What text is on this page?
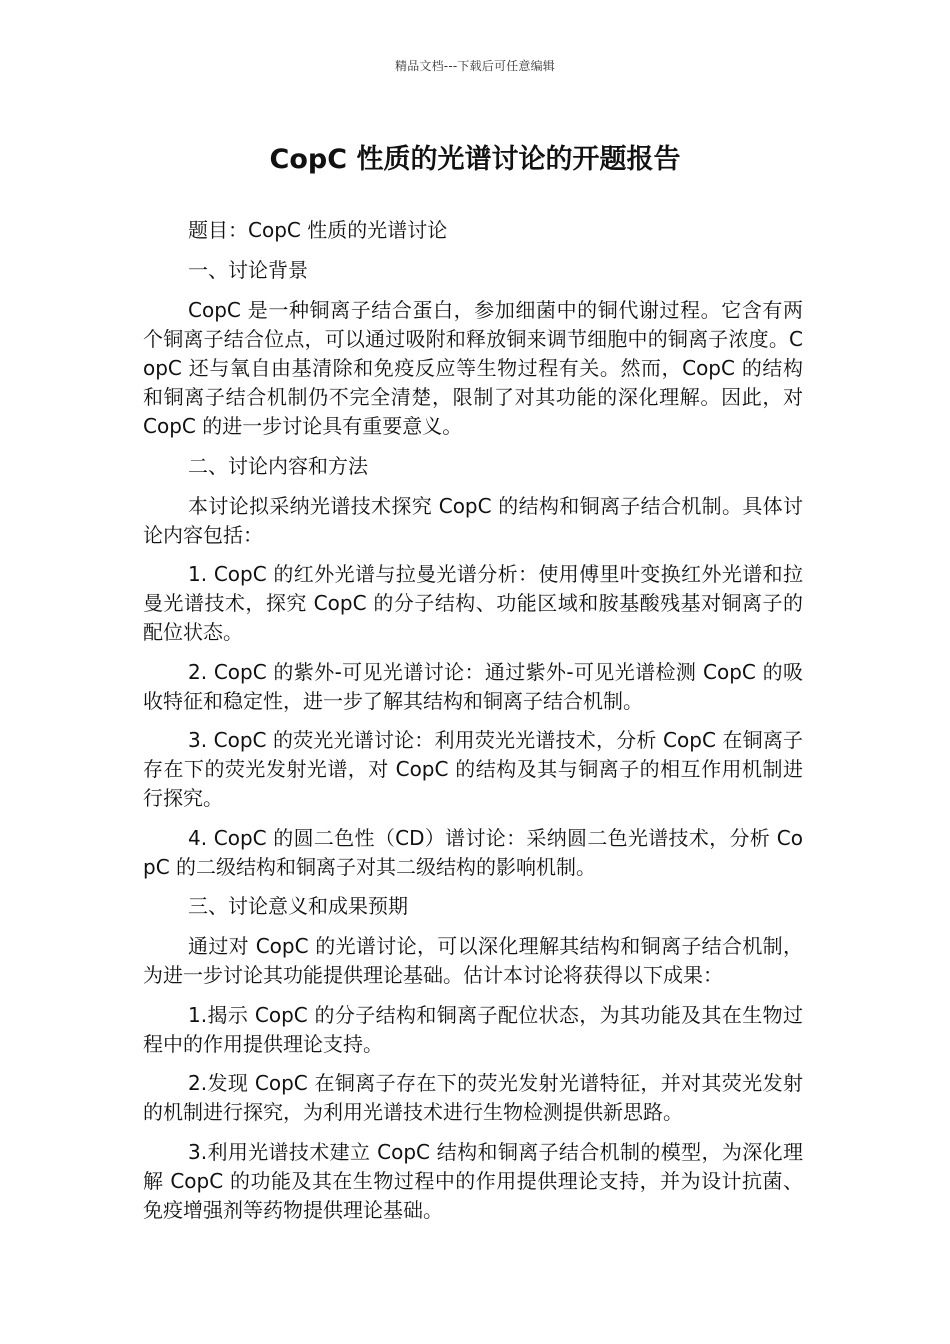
精品文档---下载后可任意编辑
CopC 性质的光谱讨论的开题报告

题目：CopC 性质的光谱讨论

一、讨论背景

CopC 是一种铜离子结合蛋白，参加细菌中的铜代谢过程。它含有两个铜离子结合位点，可以通过吸附和释放铜来调节细胞中的铜离子浓度。CopC 还与氧自由基清除和免疫反应等生物过程有关。然而，CopC 的结构和铜离子结合机制仍不完全清楚，限制了对其功能的深化理解。因此，对 CopC 的进一步讨论具有重要意义。

二、讨论内容和方法

本讨论拟采纳光谱技术探究 CopC 的结构和铜离子结合机制。具体讨论内容包括：

1. CopC 的红外光谱与拉曼光谱分析：使用傅里叶变换红外光谱和拉曼光谱技术，探究 CopC 的分子结构、功能区域和胺基酸残基对铜离子的配位状态。

2. CopC 的紫外-可见光谱讨论：通过紫外-可见光谱检测 CopC 的吸收特征和稳定性，进一步了解其结构和铜离子结合机制。

3. CopC 的荧光光谱讨论：利用荧光光谱技术，分析 CopC 在铜离子存在下的荧光发射光谱，对 CopC 的结构及其与铜离子的相互作用机制进行探究。

4. CopC 的圆二色性（CD）谱讨论：采纳圆二色光谱技术，分析 CopC 的二级结构和铜离子对其二级结构的影响机制。

三、讨论意义和成果预期

通过对 CopC 的光谱讨论，可以深化理解其结构和铜离子结合机制，为进一步讨论其功能提供理论基础。估计本讨论将获得以下成果：

1.揭示 CopC 的分子结构和铜离子配位状态，为其功能及其在生物过程中的作用提供理论支持。

2.发现 CopC 在铜离子存在下的荧光发射光谱特征，并对其荧光发射的机制进行探究，为利用光谱技术进行生物检测提供新思路。

3.利用光谱技术建立 CopC 结构和铜离子结合机制的模型，为深化理解 CopC 的功能及其在生物过程中的作用提供理论支持，并为设计抗菌、免疫增强剂等药物提供理论基础。
